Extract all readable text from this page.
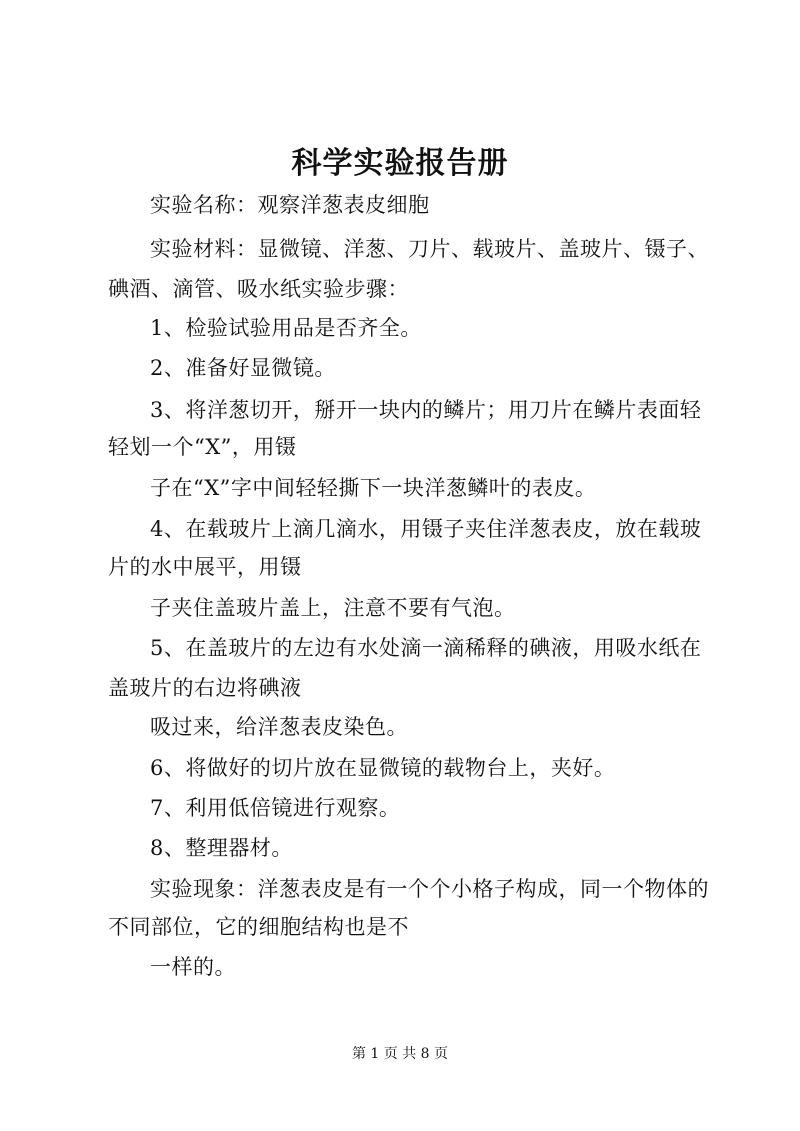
科学实验报告册
实验名称：观察洋葱表皮细胞
实验材料：显微镜、洋葱、刀片、载玻片、盖玻片、镊子、
碘酒、滴管、吸水纸实验步骤：
1、检验试验用品是否齐全。
2、准备好显微镜。
3、将洋葱切开，掰开一块内的鳞片；用刀片在鳞片表面轻
轻划一个“X”，用镊
子在“X”字中间轻轻撕下一块洋葱鳞叶的表皮。
4、在载玻片上滴几滴水，用镊子夹住洋葱表皮，放在载玻
片的水中展平，用镊
子夹住盖玻片盖上，注意不要有气泡。
5、在盖玻片的左边有水处滴一滴稀释的碘液，用吸水纸在
盖玻片的右边将碘液
吸过来，给洋葱表皮染色。
6、将做好的切片放在显微镜的载物台上，夹好。
7、利用低倍镜进行观察。
8、整理器材。
实验现象：洋葱表皮是有一个个小格子构成，同一个物体的
不同部位，它的细胞结构也是不
一样的。
第 1 页 共 8 页
